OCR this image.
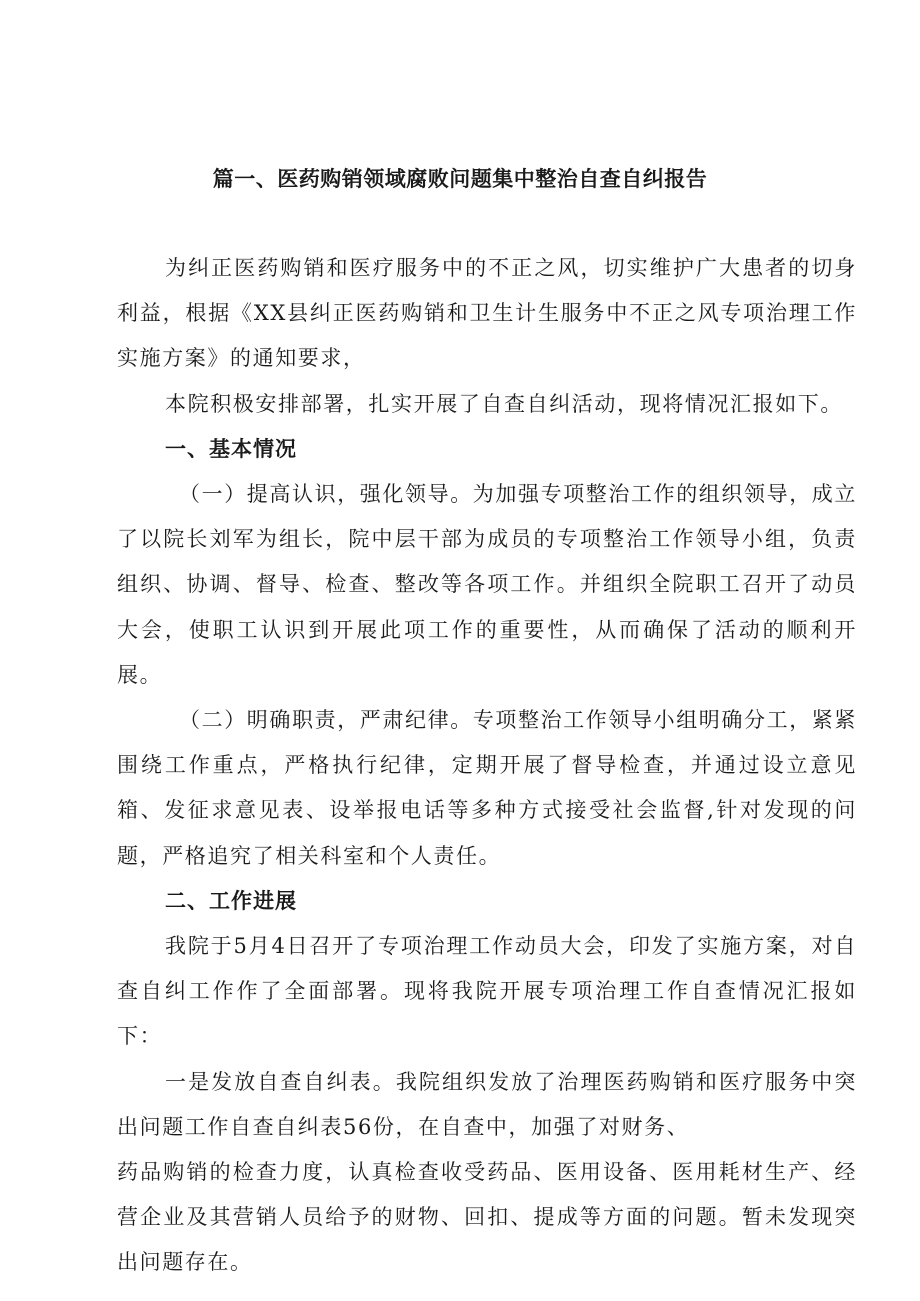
篇一、医药购销领域腐败问题集中整治自查自纠报告

为纠正医药购销和医疗服务中的不正之风，切实维护广大患者的切身利益，根据《XX县纠正医药购销和卫生计生服务中不正之风专项治理工作实施方案》的通知要求，

本院积极安排部署，扎实开展了自查自纠活动，现将情况汇报如下。

一、基本情况

（一）提高认识，强化领导。为加强专项整治工作的组织领导，成立了以院长刘军为组长，院中层干部为成员的专项整治工作领导小组，负责组织、协调、督导、检查、整改等各项工作。并组织全院职工召开了动员大会，使职工认识到开展此项工作的重要性，从而确保了活动的顺利开展。

（二）明确职责，严肃纪律。专项整治工作领导小组明确分工，紧紧围绕工作重点，严格执行纪律，定期开展了督导检查，并通过设立意见箱、发征求意见表、设举报电话等多种方式接受社会监督,针对发现的问题，严格追究了相关科室和个人责任。

二、工作进展

我院于5月4日召开了专项治理工作动员大会，印发了实施方案，对自查自纠工作作了全面部署。现将我院开展专项治理工作自查情况汇报如下：

一是发放自查自纠表。我院组织发放了治理医药购销和医疗服务中突出问题工作自查自纠表56份，在自查中，加强了对财务、

药品购销的检查力度，认真检查收受药品、医用设备、医用耗材生产、经营企业及其营销人员给予的财物、回扣、提成等方面的问题。暂未发现突出问题存在。
